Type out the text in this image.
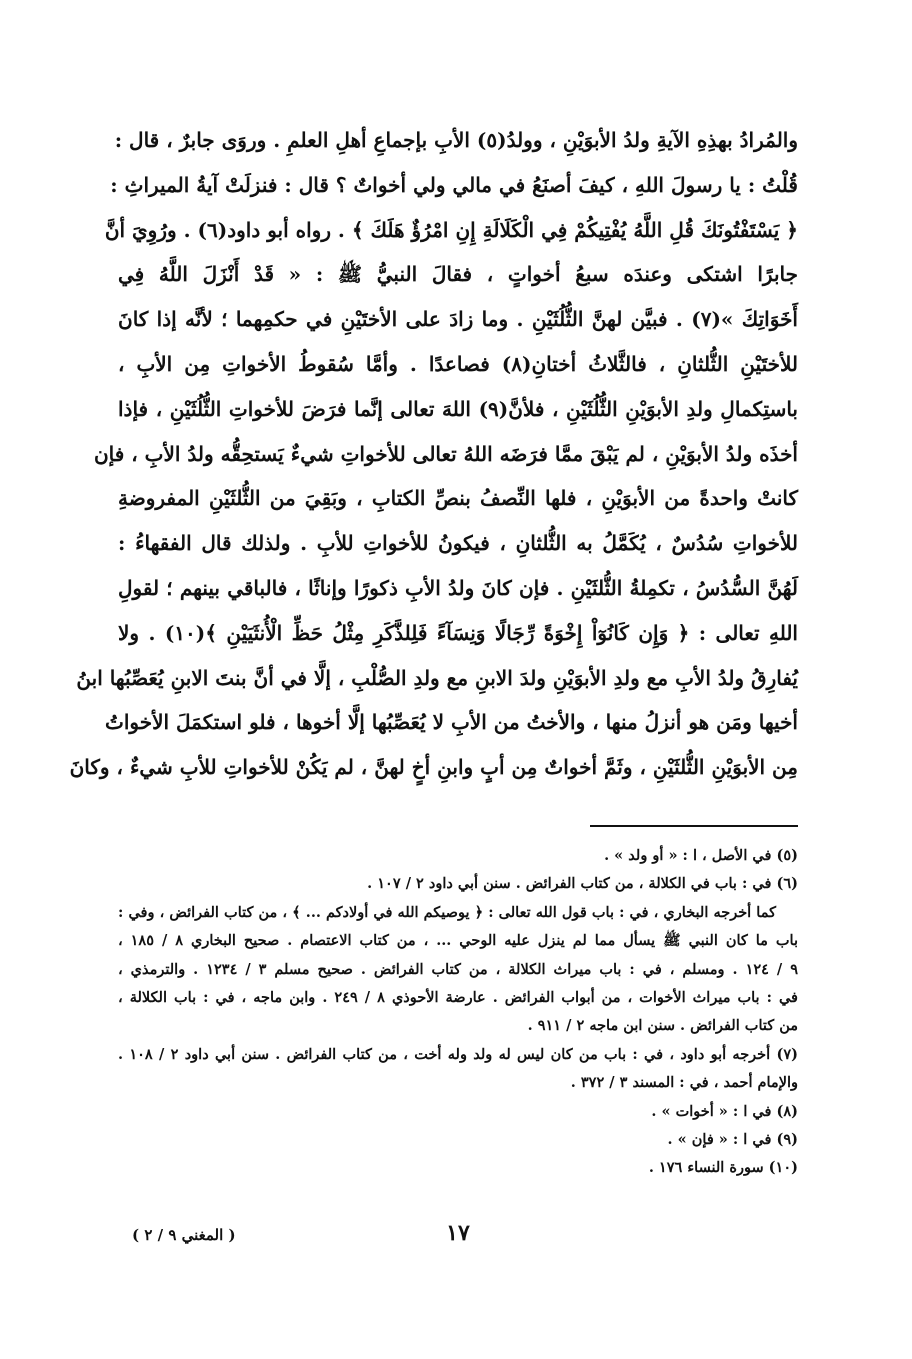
والمُرادُ بهذِهِ الآيةِ ولدُ الأبوَيْنِ ، وولدُ(٥) الأبِ بإجماعِ أهلِ العلمِ . وروَى جابرٌ ، قال :
قُلْتُ : يا رسولَ اللهِ ، كيفَ أصنَعُ في مالي ولي أخواتٌ ؟ قال : فنزلَتْ آيةُ الميراثِ :
﴿ يَسْتَفْتُونَكَ قُلِ اللَّهُ يُفْتِيكُمْ فِي الْكَلَالَةِ إِنِ امْرُؤٌ هَلَكَ ﴾ . رواه أبو داود(٦) . ورُوِيَ أنَّ
جابرًا اشتكى وعندَه سبعُ أخواتٍ ، فقالَ النبيُّ ﷺ : « قَدْ أَنْزَلَ اللَّهُ فِي
أَخَوَاتِكَ »(٧) . فبيَّن لهنَّ الثُّلُثَيْنِ . وما زادَ على الأختَيْنِ في حكمِهما ؛ لأنَّه إذا كانَ
للأختَيْنِ الثُّلثانِ ، فالثَّلاثُ أختانِ(٨) فصاعدًا . وأمَّا سُقوطُ الأخواتِ مِن الأبِ ،
باستِكمالِ ولدِ الأبوَيْنِ الثُّلُثَيْنِ ، فلأنَّ(٩) اللهَ تعالى إنَّما فرَضَ للأخواتِ الثُّلُثَيْنِ ، فإذا
أخذَه ولدُ الأبوَيْنِ ، لم يَبْقَ ممَّا فرَضَه اللهُ تعالى للأخواتِ شيءٌ يَستحِقُّه ولدُ الأبِ ، فإن
كانتْ واحدةً من الأبوَيْنِ ، فلها النِّصفُ بنصِّ الكتابِ ، وبَقِيَ من الثُّلثَيْنِ المفروضةِ
للأخواتِ سُدُسٌ ، يُكَمَّلُ به الثُّلثانِ ، فيكونُ للأخواتِ للأبِ . ولذلك قال الفقهاءُ :
لَهُنَّ السُّدُسُ ، تكمِلةُ الثُّلثَيْنِ . فإن كانَ ولدُ الأبِ ذكورًا وإناثًا ، فالباقي بينهم ؛ لقولِ
اللهِ تعالى : ﴿ وَإِن كَانُوٓاْ إِخْوَةً رِّجَالًا وَنِسَآءً فَلِلذَّكَرِ مِثْلُ حَظِّ الْأُنثَيَيْنِ ﴾(١٠) . ولا
يُفارِقُ ولدُ الأبِ مع ولدِ الأبوَيْنِ ولدَ الابنِ مع ولدِ الصُّلْبِ ، إلَّا في أنَّ بنتَ الابنِ يُعَصِّبُها ابنُ
أخيها ومَن هو أنزلُ منها ، والأختُ من الأبِ لا يُعَصِّبُها إلَّا أخوها ، فلو استكمَلَ الأخواتُ
مِن الأبوَيْنِ الثُّلثَيْنِ ، وثَمَّ أخواتٌ مِن أبٍ وابنِ أخٍ لهنَّ ، لم يَكُنْ للأخواتِ للأبِ شيءٌ ، وكانَ
(٥) في الأصل ، ا : « أو ولد » .
(٦) في : باب في الكلالة ، من كتاب الفرائض . سنن أبي داود ٢ / ١٠٧ .
كما أخرجه البخاري ، في : باب قول الله تعالى : ﴿ يوصيكم الله في أولادكم ... ﴾ ، من كتاب الفرائض ، وفي :
باب ما كان النبي ﷺ يسأل مما لم ينزل عليه الوحي ... ، من كتاب الاعتصام . صحيح البخاري ٨ / ١٨٥ ،
٩ / ١٢٤ . ومسلم ، في : باب ميراث الكلالة ، من كتاب الفرائض . صحيح مسلم ٣ / ١٢٣٤ . والترمذي ،
في : باب ميراث الأخوات ، من أبواب الفرائض . عارضة الأحوذي ٨ / ٢٤٩ . وابن ماجه ، في : باب الكلالة ،
من كتاب الفرائض . سنن ابن ماجه ٢ / ٩١١ .
(٧) أخرجه أبو داود ، في : باب من كان ليس له ولد وله أخت ، من كتاب الفرائض . سنن أبي داود ٢ / ١٠٨ .
والإمام أحمد ، في : المسند ٣ / ٣٧٢ .
(٨) في ا : « أخوات » .
(٩) في ا : « فإن » .
(١٠) سورة النساء ١٧٦ .
١٧
( المغني ٩ / ٢ )
